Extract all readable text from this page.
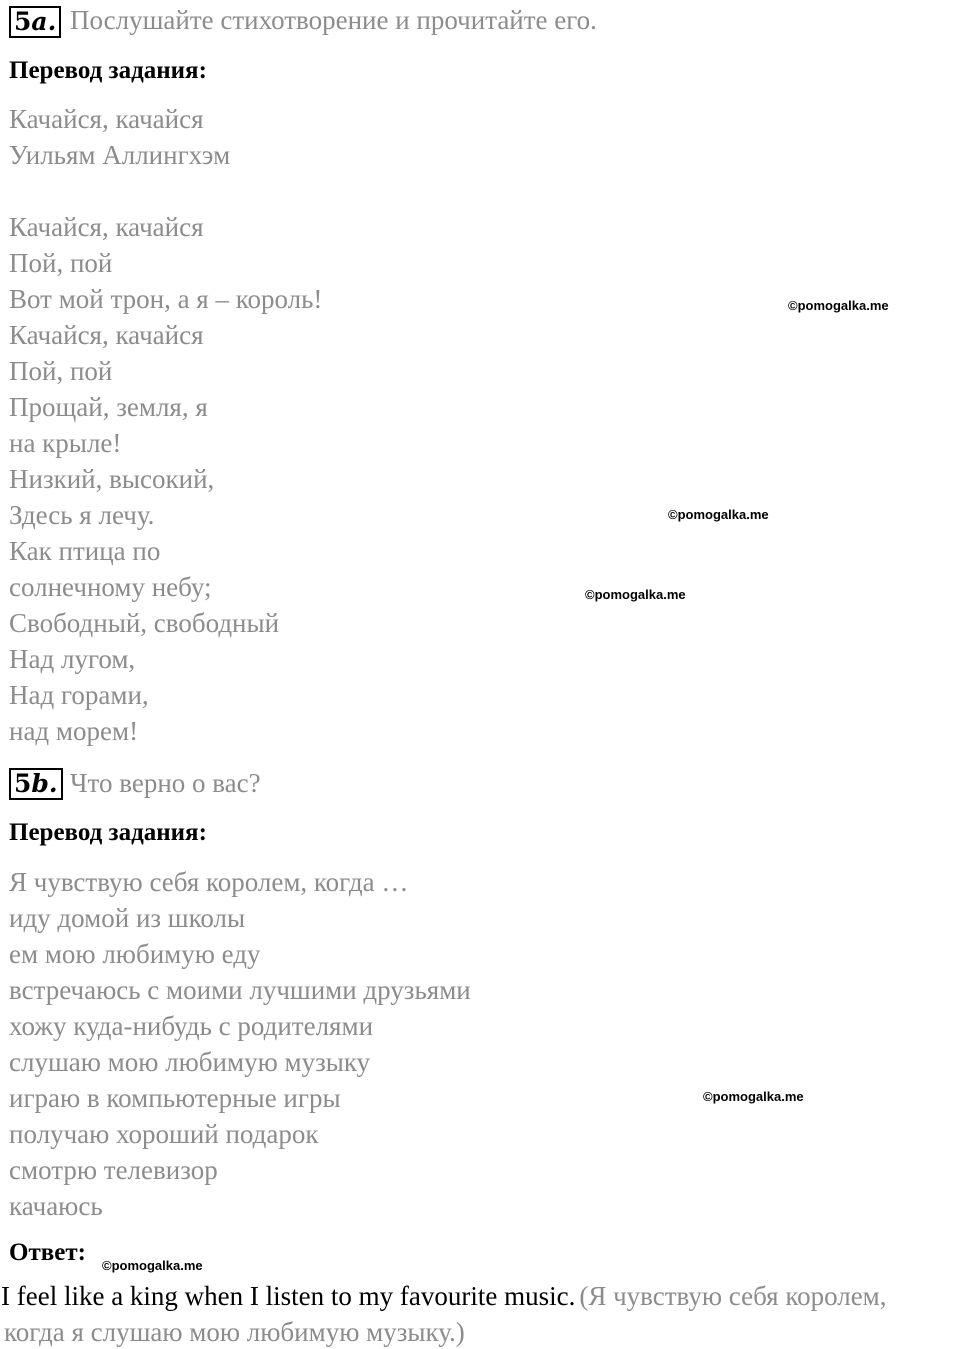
5a. Послушайте стихотворение и прочитайте его.
Перевод задания:
Качайся, качайся
Уильям Аллингхэм
Качайся, качайся
Пой, пой
Вот мой трон, а я – король!
Качайся, качайся
Пой, пой
Прощай, земля, я
на крыле!
Низкий, высокий,
Здесь я лечу.
Как птица по
солнечному небу;
Свободный, свободный
Над лугом,
Над горами,
над морем!
©pomogalka.me
©pomogalka.me
©pomogalka.me
©pomogalka.me
©pomogalka.me
5b. Что верно о вас?
Перевод задания:
Я чувствую себя королем, когда …
иду домой из школы
ем мою любимую еду
встречаюсь с моими лучшими друзьями
хожу куда-нибудь с родителями
слушаю мою любимую музыку
играю в компьютерные игры
получаю хороший подарок
смотрю телевизор
качаюсь
Ответ:
I feel like a king when I listen to my favourite music. (Я чувствую себя королем,
когда я слушаю мою любимую музыку.)
